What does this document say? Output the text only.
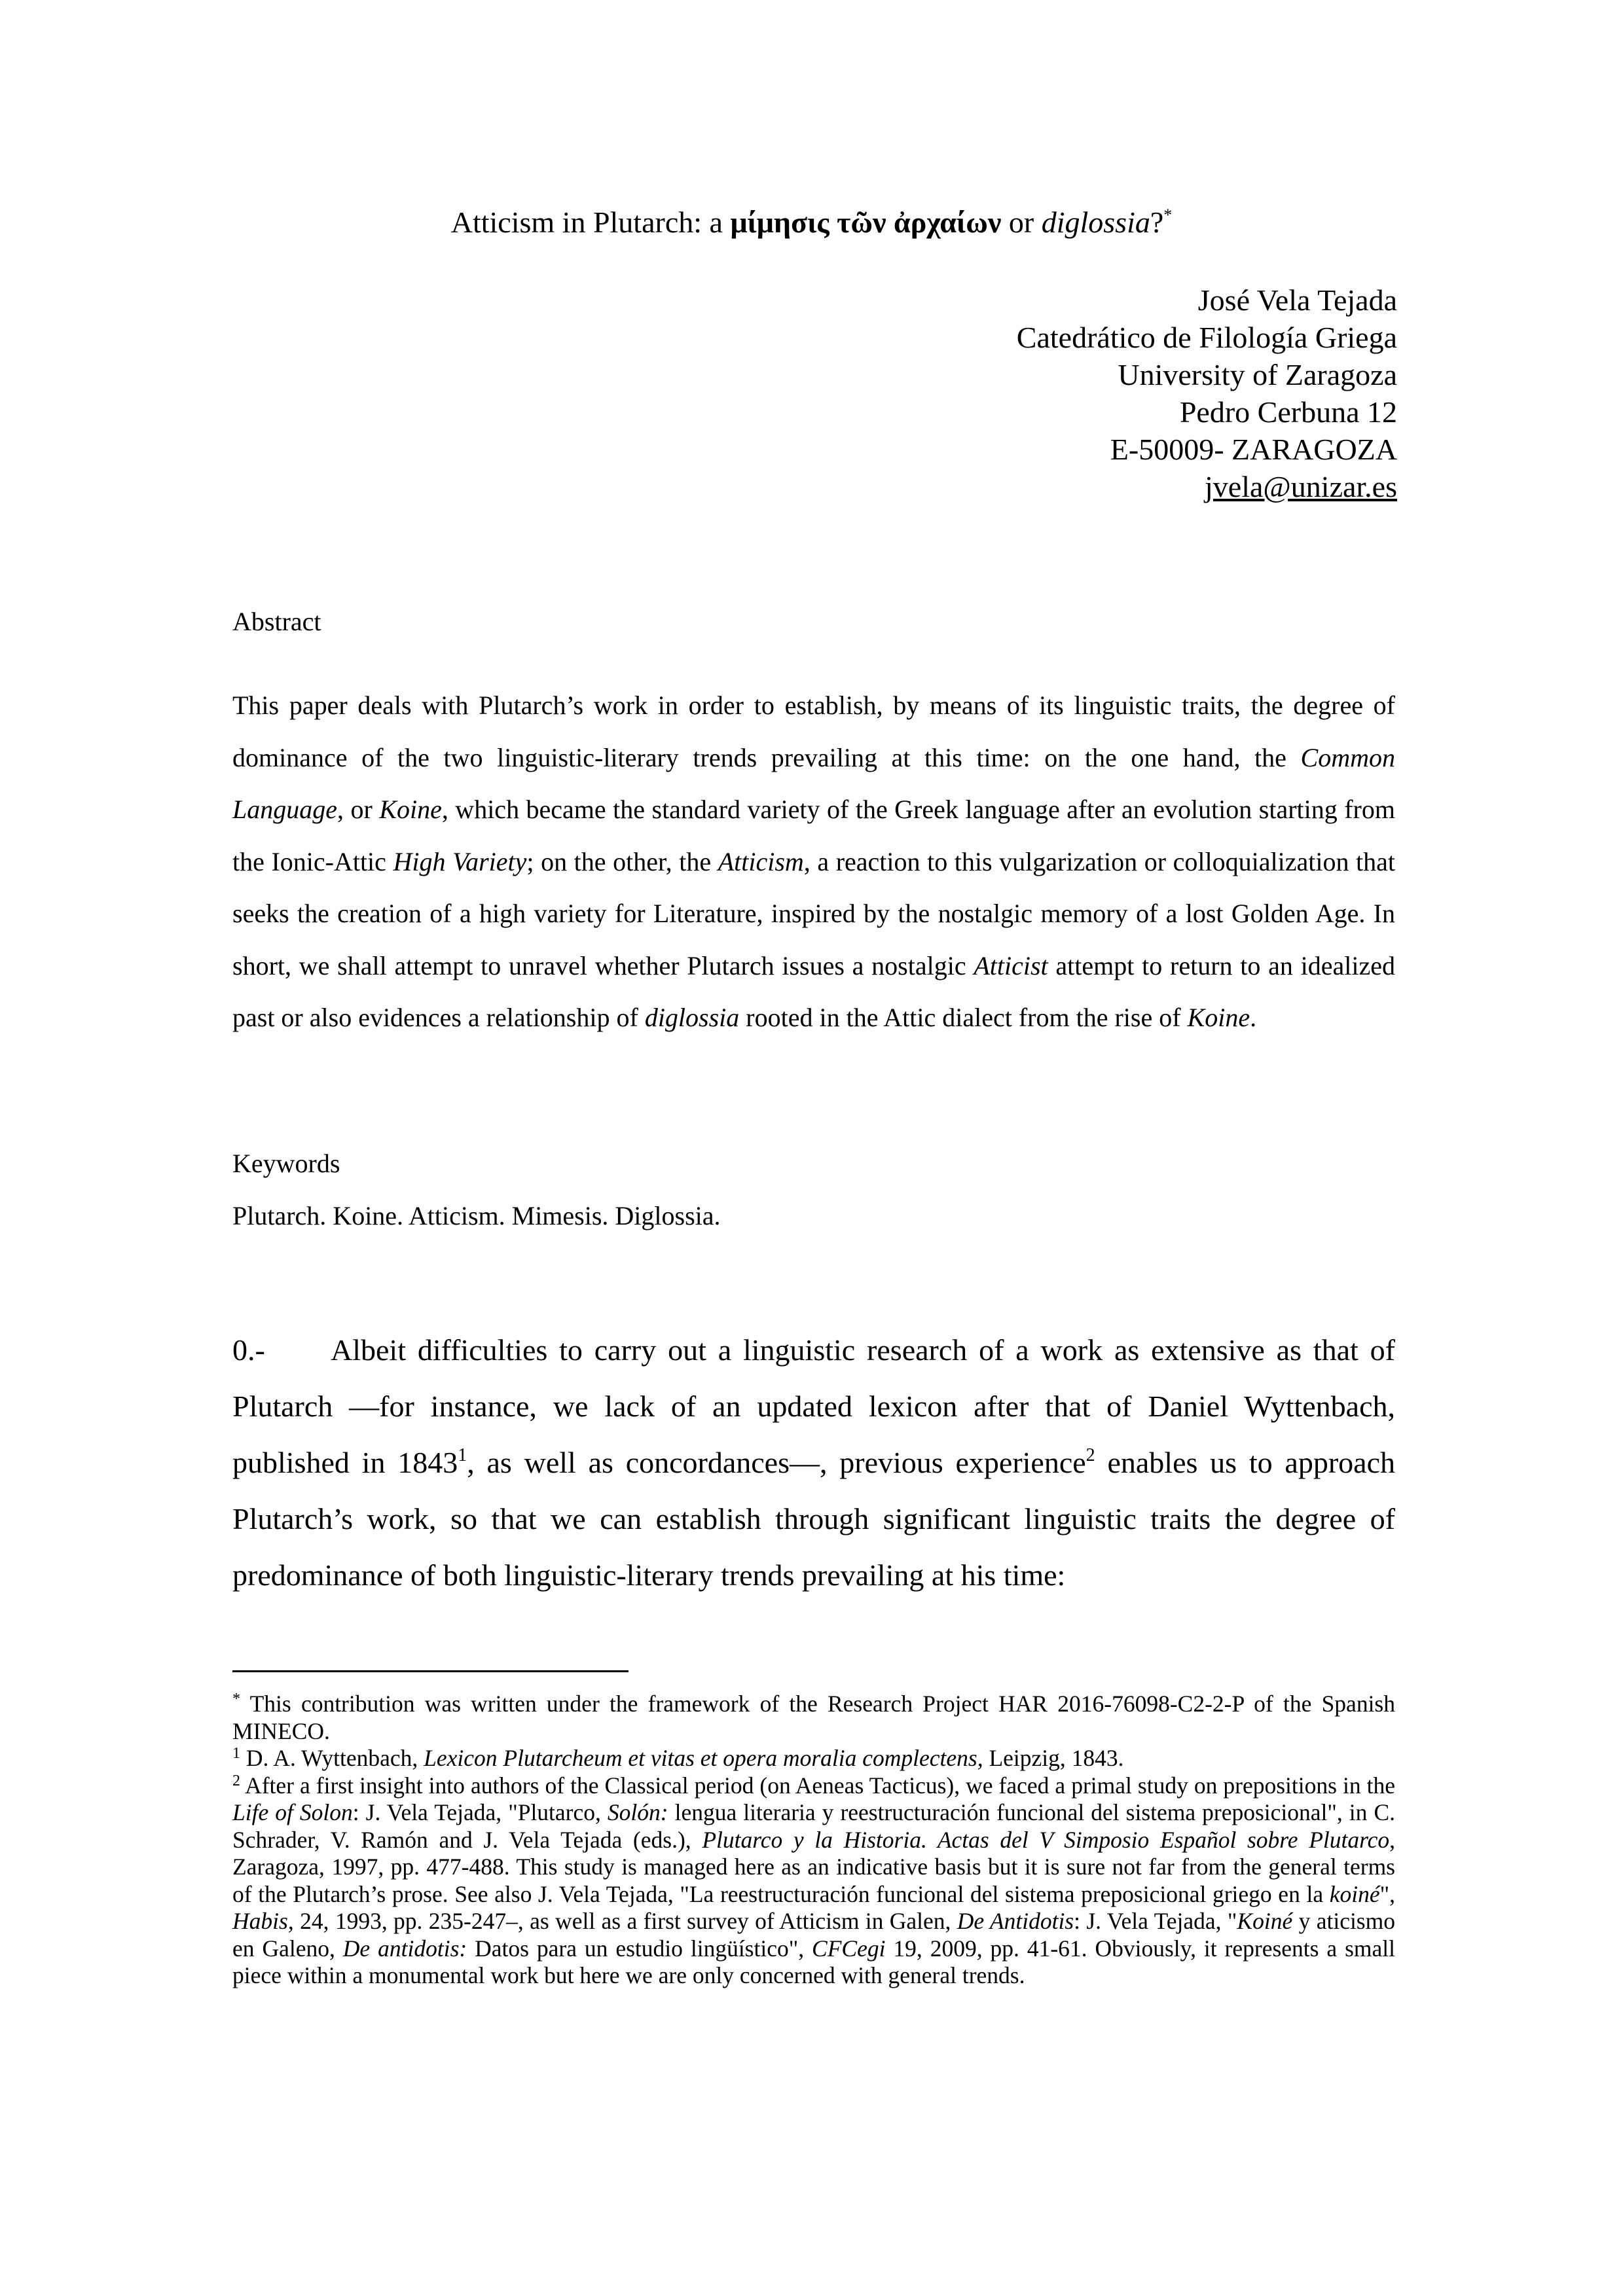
Atticism in Plutarch: a μίμησις τῶν ἀρχαίων or diglossia?*
José Vela Tejada
Catedrático de Filología Griega
University of Zaragoza
Pedro Cerbuna 12
E-50009- ZARAGOZA
jvela@unizar.es
Abstract
This paper deals with Plutarch’s work in order to establish, by means of its linguistic traits, the degree of dominance of the two linguistic-literary trends prevailing at this time: on the one hand, the Common Language, or Koine, which became the standard variety of the Greek language after an evolution starting from the Ionic-Attic High Variety; on the other, the Atticism, a reaction to this vulgarization or colloquialization that seeks the creation of a high variety for Literature, inspired by the nostalgic memory of a lost Golden Age. In short, we shall attempt to unravel whether Plutarch issues a nostalgic Atticist attempt to return to an idealized past or also evidences a relationship of diglossia rooted in the Attic dialect from the rise of Koine.
Keywords
Plutarch. Koine. Atticism. Mimesis. Diglossia.
0.- Albeit difficulties to carry out a linguistic research of a work as extensive as that of Plutarch —for instance, we lack of an updated lexicon after that of Daniel Wyttenbach, published in 1843$^1$, as well as concordances—, previous experience$^2$ enables us to approach Plutarch’s work, so that we can establish through significant linguistic traits the degree of predominance of both linguistic-literary trends prevailing at his time:

* This contribution was written under the framework of the Research Project HAR 2016-76098-C2-2-P of the Spanish MINECO.

$^1$ D. A. Wyttenbach, Lexicon Plutarcheum et vitas et opera moralia complectens, Leipzig, 1843.

$^2$ After a first insight into authors of the Classical period (on Aeneas Tacticus), we faced a primal study on prepositions in the Life of Solon: J. Vela Tejada, "Plutarco, Solón: lengua literaria y reestructuración funcional del sistema preposicional", in C. Schrader, V. Ramón and J. Vela Tejada (eds.), Plutarco y la Historia. Actas del V Simposio Español sobre Plutarco, Zaragoza, 1997, pp. 477-488. This study is managed here as an indicative basis but it is sure not far from the general terms of the Plutarch’s prose. See also J. Vela Tejada, "La reestructuración funcional del sistema preposicional griego en la koiné", Habis, 24, 1993, pp. 235-247–, as well as a first survey of Atticism in Galen, De Antidotis: J. Vela Tejada, "Koiné y aticismo en Galeno, De antidotis: Datos para un estudio lingüístico", CFCegi 19, 2009, pp. 41-61. Obviously, it represents a small piece within a monumental work but here we are only concerned with general trends.
